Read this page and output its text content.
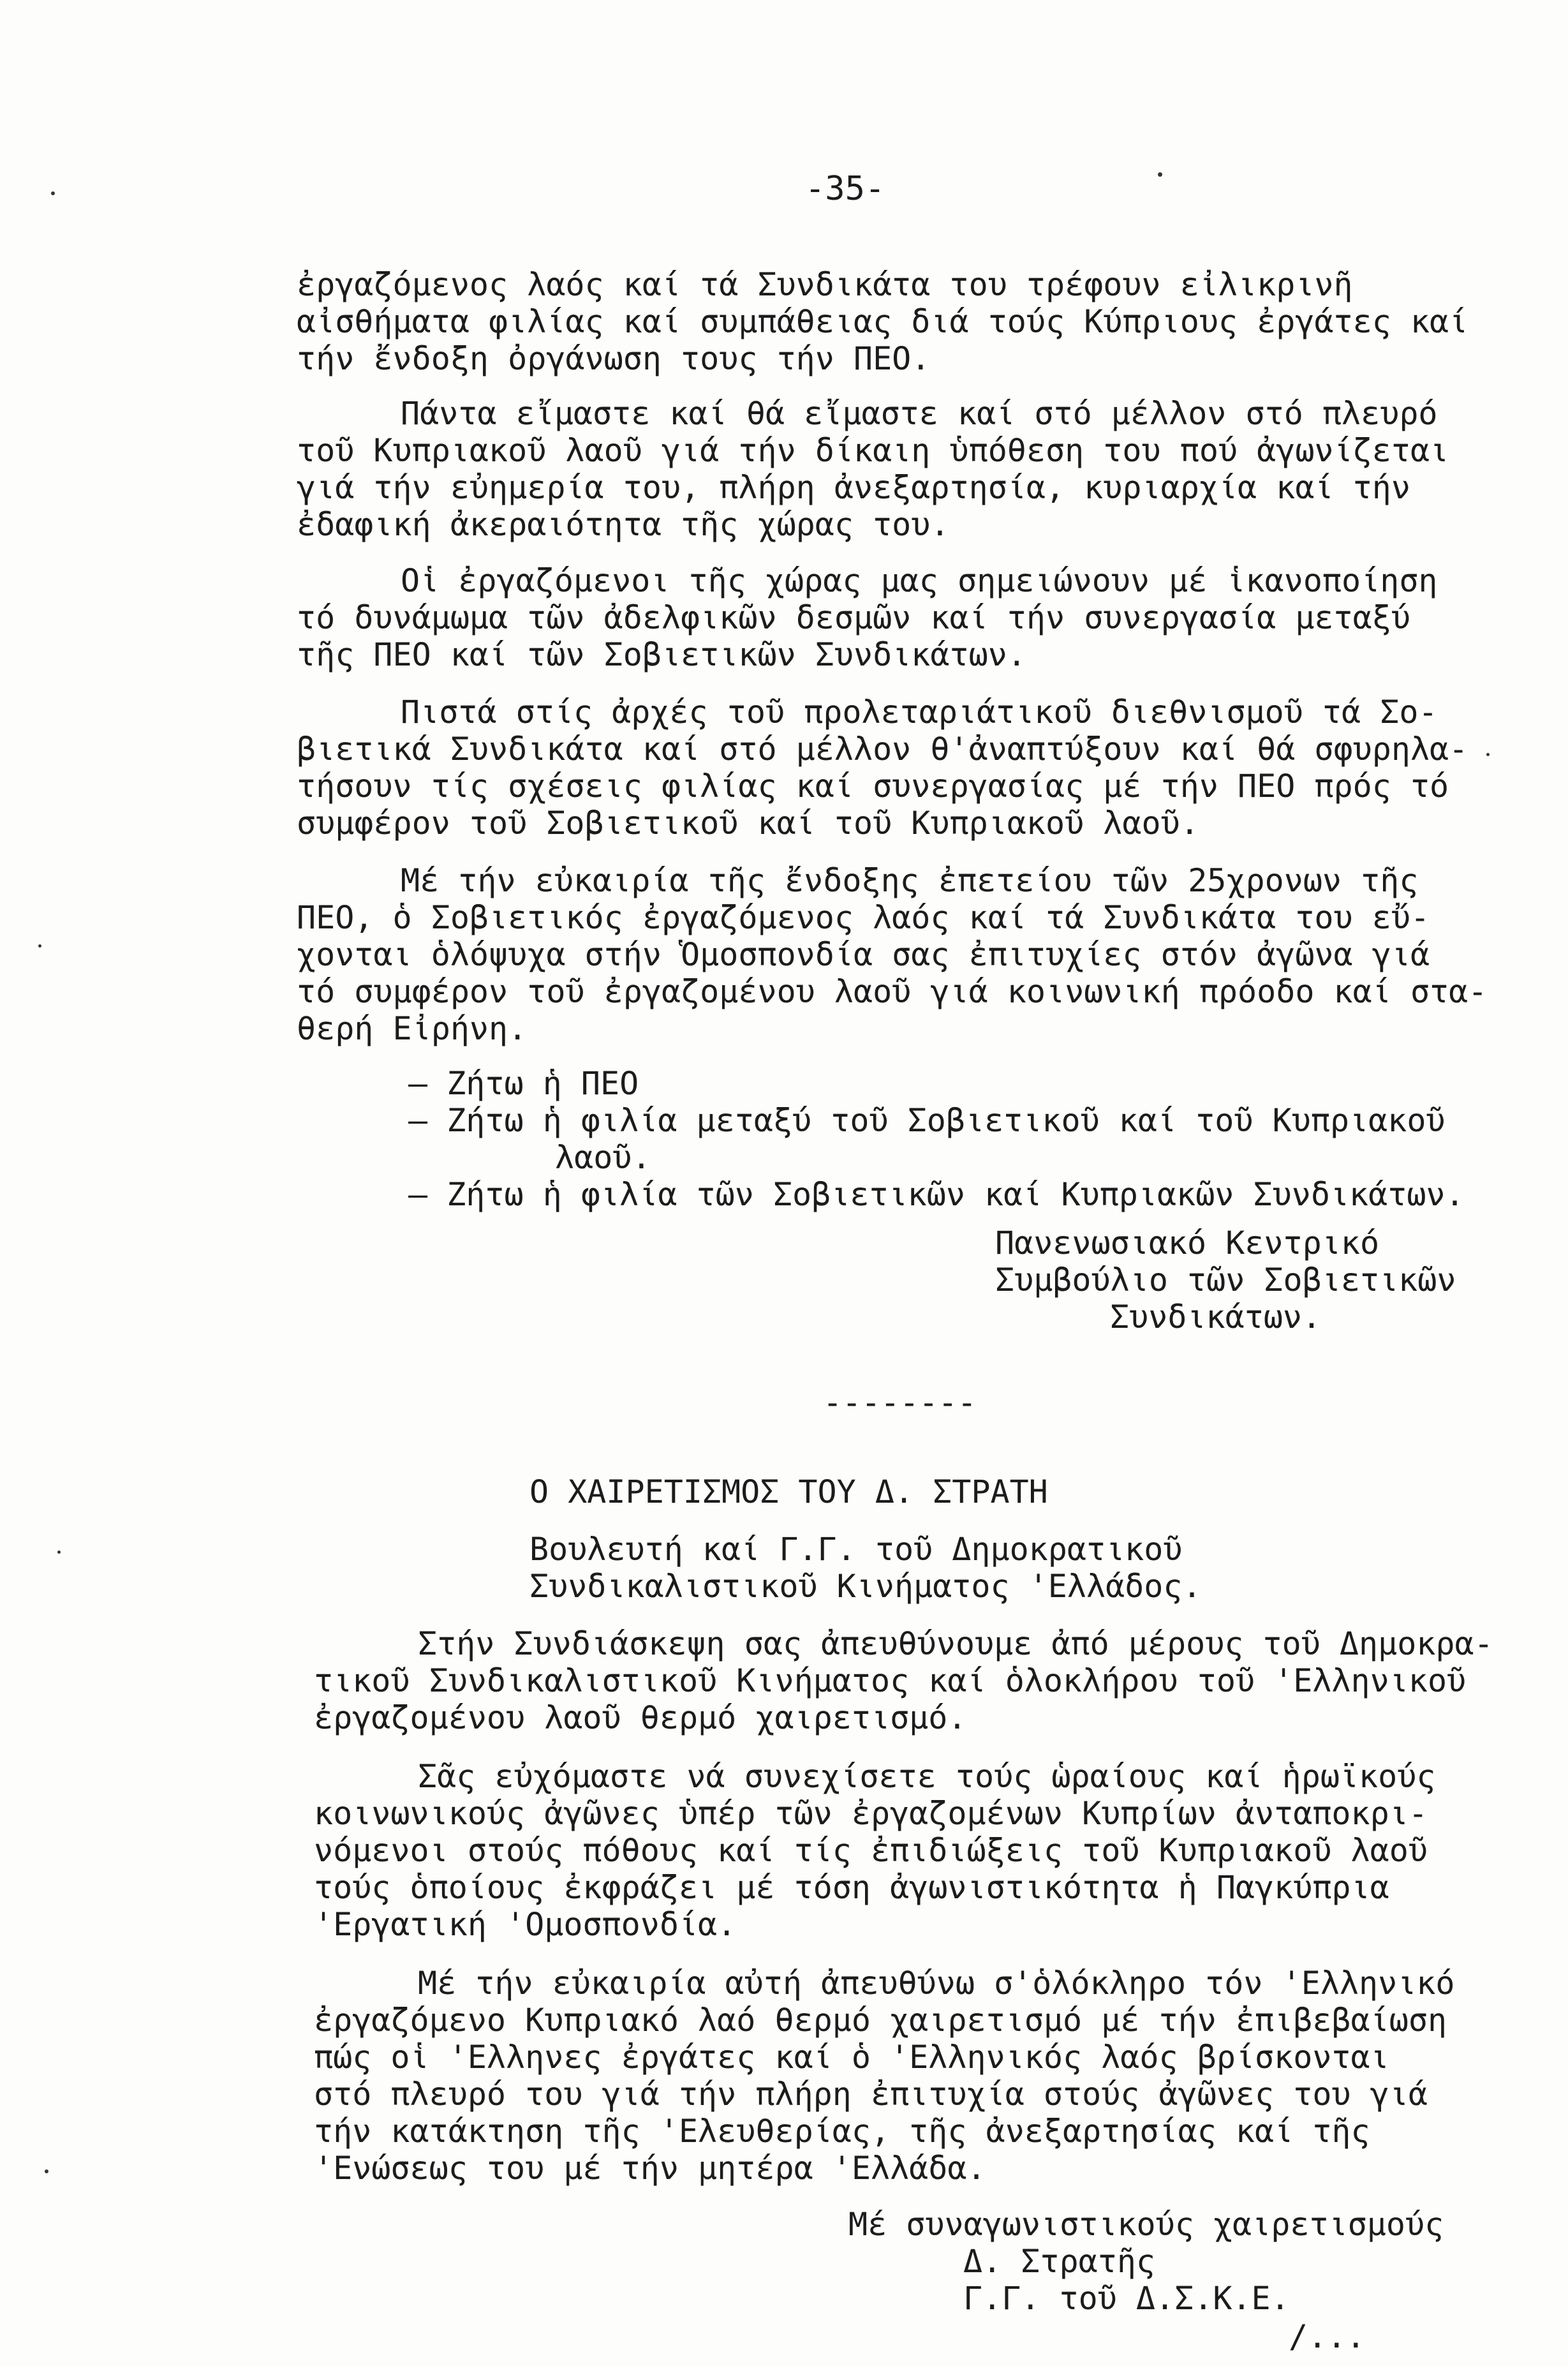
-35-
ἐργαζόμενος λαός καί τά Συνδικάτα του τρέφουν εἰλικρινῆ
αἰσθήματα φιλίας καί συμπάθειας διά τούς Κύπριους ἐργάτες καί
τήν ἔνδοξη ὀργάνωση τους τήν ΠΕΟ.
Πάντα εἴμαστε καί θά εἴμαστε καί στό μέλλον στό πλευρό
τοῦ Κυπριακοῦ λαοῦ γιά τήν δίκαιη ὑπόθεση του πού ἀγωνίζεται
γιά τήν εὐημερία του, πλήρη ἀνεξαρτησία, κυριαρχία καί τήν
ἐδαφική ἀκεραιότητα τῆς χώρας του.
Οἱ ἐργαζόμενοι τῆς χώρας μας σημειώνουν μέ ἱκανοποίηση
τό δυνάμωμα τῶν ἀδελφικῶν δεσμῶν καί τήν συνεργασία μεταξύ
τῆς ΠΕΟ καί τῶν Σοβιετικῶν Συνδικάτων.
Πιστά στίς ἀρχές τοῦ προλεταριάτικοῦ διεθνισμοῦ τά Σο-
βιετικά Συνδικάτα καί στό μέλλον θ'ἀναπτύξουν καί θά σφυρηλα-
τήσουν τίς σχέσεις φιλίας καί συνεργασίας μέ τήν ΠΕΟ πρός τό
συμφέρον τοῦ Σοβιετικοῦ καί τοῦ Κυπριακοῦ λαοῦ.
Μέ τήν εὐκαιρία τῆς ἔνδοξης ἐπετείου τῶν 25χρονων τῆς
ΠΕΟ, ὁ Σοβιετικός ἐργαζόμενος λαός καί τά Συνδικάτα του εὔ-
χονται ὁλόψυχα στήν Ὁμοσπονδία σας ἐπιτυχίες στόν ἀγῶνα γιά
τό συμφέρον τοῦ ἐργαζομένου λαοῦ γιά κοινωνική πρόοδο καί στα-
θερή Εἰρήνη.
– Ζήτω ἡ ΠΕΟ
– Ζήτω ἡ φιλία μεταξύ τοῦ Σοβιετικοῦ καί τοῦ Κυπριακοῦ
λαοῦ.
– Ζήτω ἡ φιλία τῶν Σοβιετικῶν καί Κυπριακῶν Συνδικάτων.
Πανενωσιακό Κεντρικό
Συμβούλιο τῶν Σοβιετικῶν
Συνδικάτων.
--------
Ο ΧΑΙΡΕΤΙΣΜΟΣ ΤΟΥ Δ. ΣΤΡΑΤΗ
Βουλευτή καί Γ.Γ. τοῦ Δημοκρατικοῦ
Συνδικαλιστικοῦ Κινήματος 'Ελλάδος.
Στήν Συνδιάσκεψη σας ἀπευθύνουμε ἀπό μέρους τοῦ Δημοκρα-
τικοῦ Συνδικαλιστικοῦ Κινήματος καί ὁλοκλήρου τοῦ 'Ελληνικοῦ
ἐργαζομένου λαοῦ θερμό χαιρετισμό.
Σᾶς εὐχόμαστε νά συνεχίσετε τούς ὡραίους καί ἡρωϊκούς
κοινωνικούς ἀγῶνες ὑπέρ τῶν ἐργαζομένων Κυπρίων ἀνταποκρι-
νόμενοι στούς πόθους καί τίς ἐπιδιώξεις τοῦ Κυπριακοῦ λαοῦ
τούς ὁποίους ἐκφράζει μέ τόση ἀγωνιστικότητα ἡ Παγκύπρια
'Εργατική 'Ομοσπονδία.
Μέ τήν εὐκαιρία αὐτή ἀπευθύνω σ'ὁλόκληρο τόν 'Ελληνικό
ἐργαζόμενο Κυπριακό λαό θερμό χαιρετισμό μέ τήν ἐπιβεβαίωση
πώς οἱ 'Ελληνες ἐργάτες καί ὁ 'Ελληνικός λαός βρίσκονται
στό πλευρό του γιά τήν πλήρη ἐπιτυχία στούς ἀγῶνες του γιά
τήν κατάκτηση τῆς 'Ελευθερίας, τῆς ἀνεξαρτησίας καί τῆς
'Ενώσεως του μέ τήν μητέρα 'Ελλάδα.
Μέ συναγωνιστικούς χαιρετισμούς
Δ. Στρατῆς
Γ.Γ. τοῦ Δ.Σ.Κ.Ε.
/...
